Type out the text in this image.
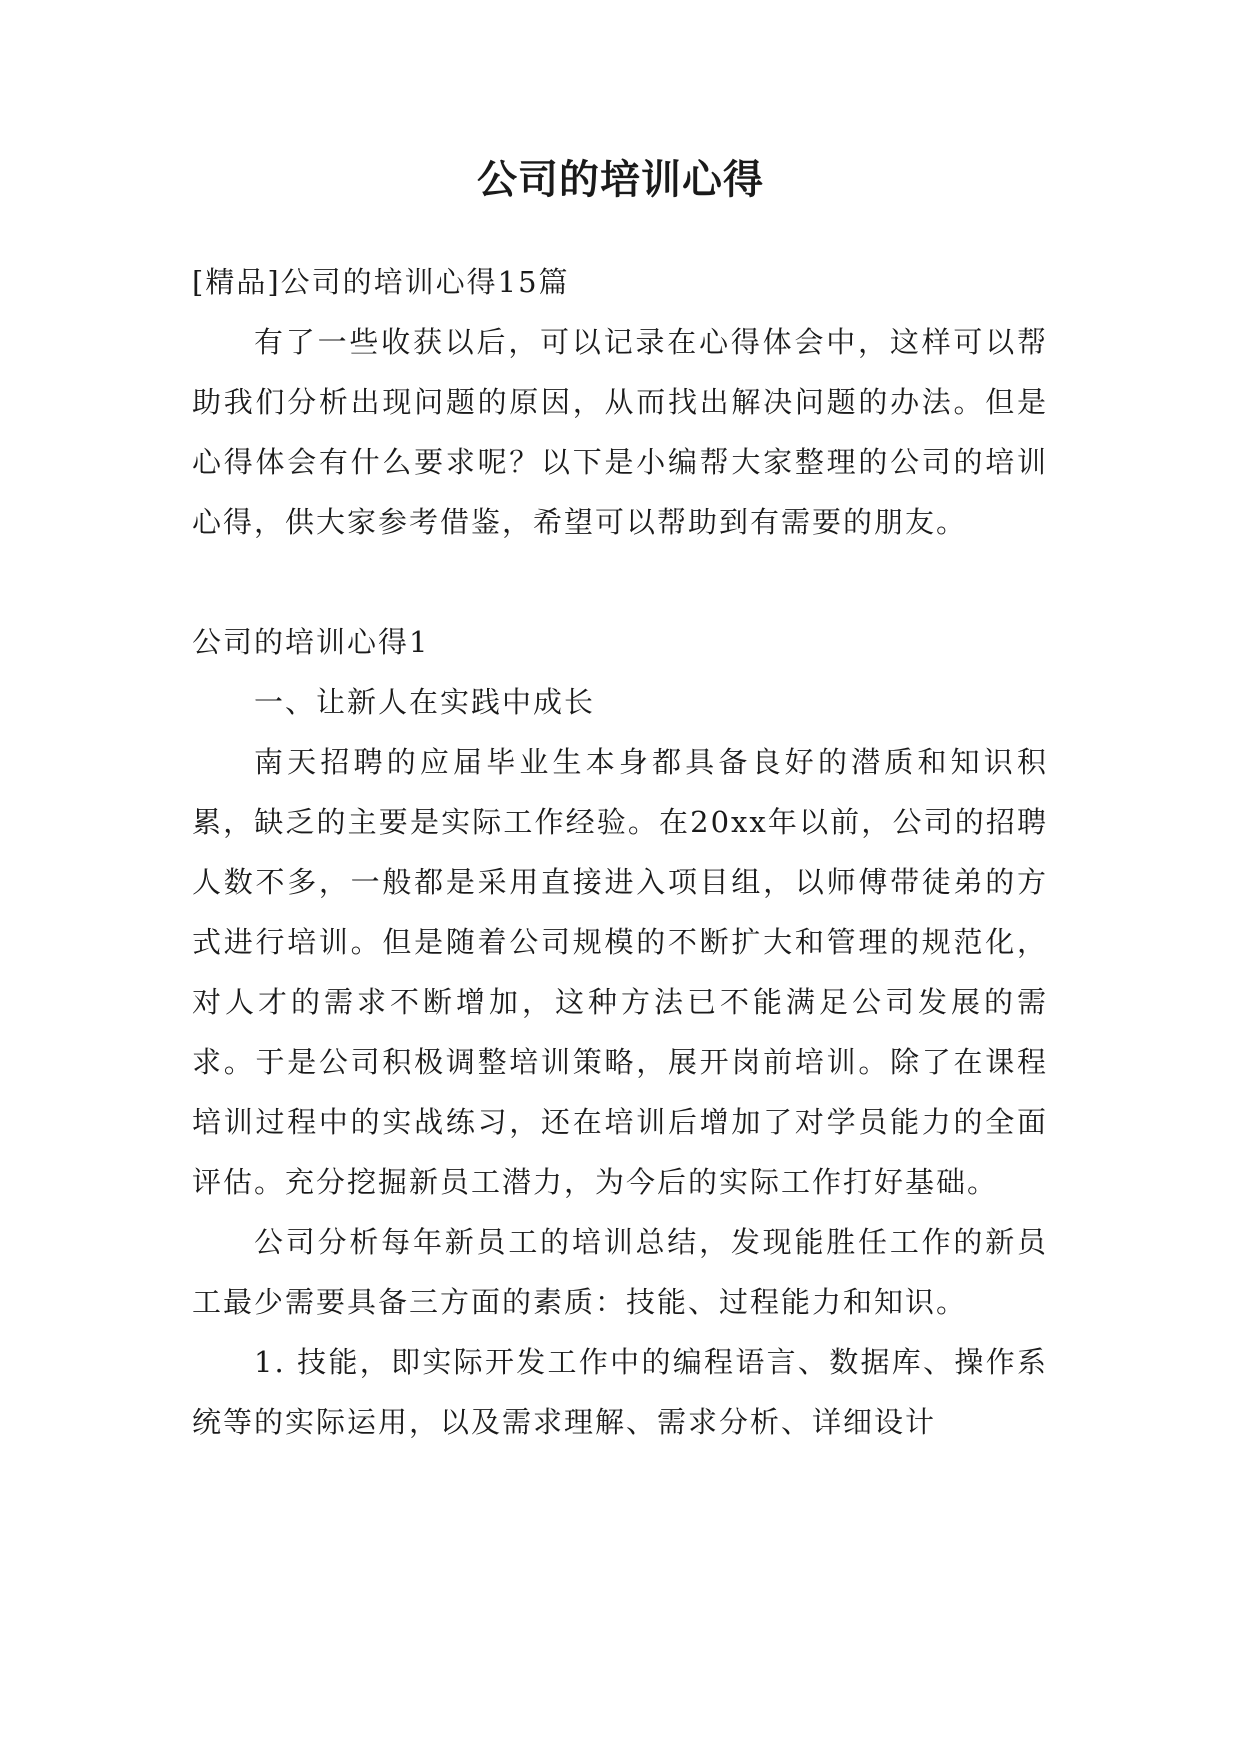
公司的培训心得

[精品]公司的培训心得15篇

有了一些收获以后，可以记录在心得体会中，这样可以帮助我们分析出现问题的原因，从而找出解决问题的办法。但是心得体会有什么要求呢？以下是小编帮大家整理的公司的培训心得，供大家参考借鉴，希望可以帮助到有需要的朋友。

公司的培训心得1

一、让新人在实践中成长

南天招聘的应届毕业生本身都具备良好的潜质和知识积累，缺乏的主要是实际工作经验。在20xx年以前，公司的招聘人数不多，一般都是采用直接进入项目组，以师傅带徒弟的方式进行培训。但是随着公司规模的不断扩大和管理的规范化，对人才的需求不断增加，这种方法已不能满足公司发展的需求。于是公司积极调整培训策略，展开岗前培训。除了在课程培训过程中的实战练习，还在培训后增加了对学员能力的全面评估。充分挖掘新员工潜力，为今后的实际工作打好基础。

公司分析每年新员工的培训总结，发现能胜任工作的新员工最少需要具备三方面的素质：技能、过程能力和知识。

1. 技能，即实际开发工作中的编程语言、数据库、操作系统等的实际运用，以及需求理解、需求分析、详细设计
